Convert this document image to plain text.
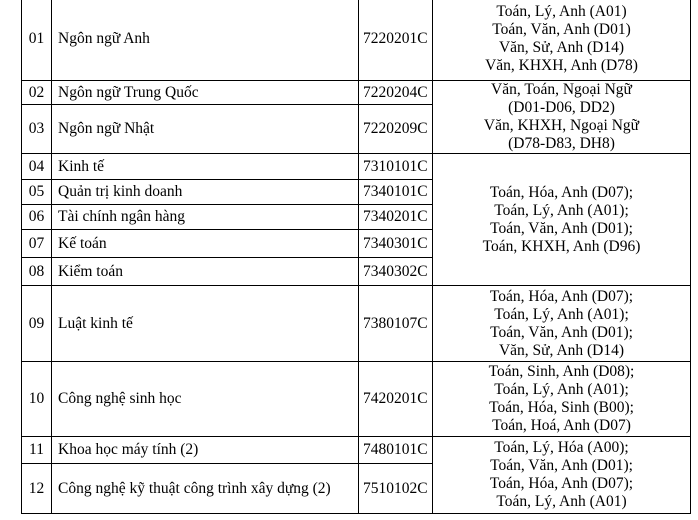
01	Ngôn ngữ Anh	7220201C	Toán, Lý, Anh (A01)
Toán, Văn, Anh (D01)
Văn, Sử, Anh (D14)
Văn, KHXH, Anh (D78)

02	Ngôn ngữ Trung Quốc	7220204C	Văn, Toán, Ngoại Ngữ
(D01-D06, DD2)
Văn, KHXH, Ngoại Ngữ
(D78-D83, DH8)

03	Ngôn ngữ Nhật	7220209C	
04	Kinh tế	7310101C	Toán, Hóa, Anh (D07);
Toán, Lý, Anh (A01);
Toán, Văn, Anh (D01);
Toán, KHXH, Anh (D96)

05	Quản trị kinh doanh	7340101C	
06	Tài chính ngân hàng	7340201C	
07	Kế toán	7340301C	
08	Kiểm toán	7340302C	
09	Luật kinh tế	7380107C	Toán, Hóa, Anh (D07);
Toán, Lý, Anh (A01);
Toán, Văn, Anh (D01);
Văn, Sử, Anh (D14)

10	Công nghệ sinh học	7420201C	Toán, Sinh, Anh (D08);
Toán, Lý, Anh (A01);
Toán, Hóa, Sinh (B00);
Toán, Hoá, Anh (D07)

11	Khoa học máy tính (2)	7480101C	Toán, Lý, Hóa (A00);
Toán, Văn, Anh (D01);
Toán, Hóa, Anh (D07);
Toán, Lý, Anh (A01)

12	Công nghệ kỹ thuật công trình xây dựng (2)	7510102C	
